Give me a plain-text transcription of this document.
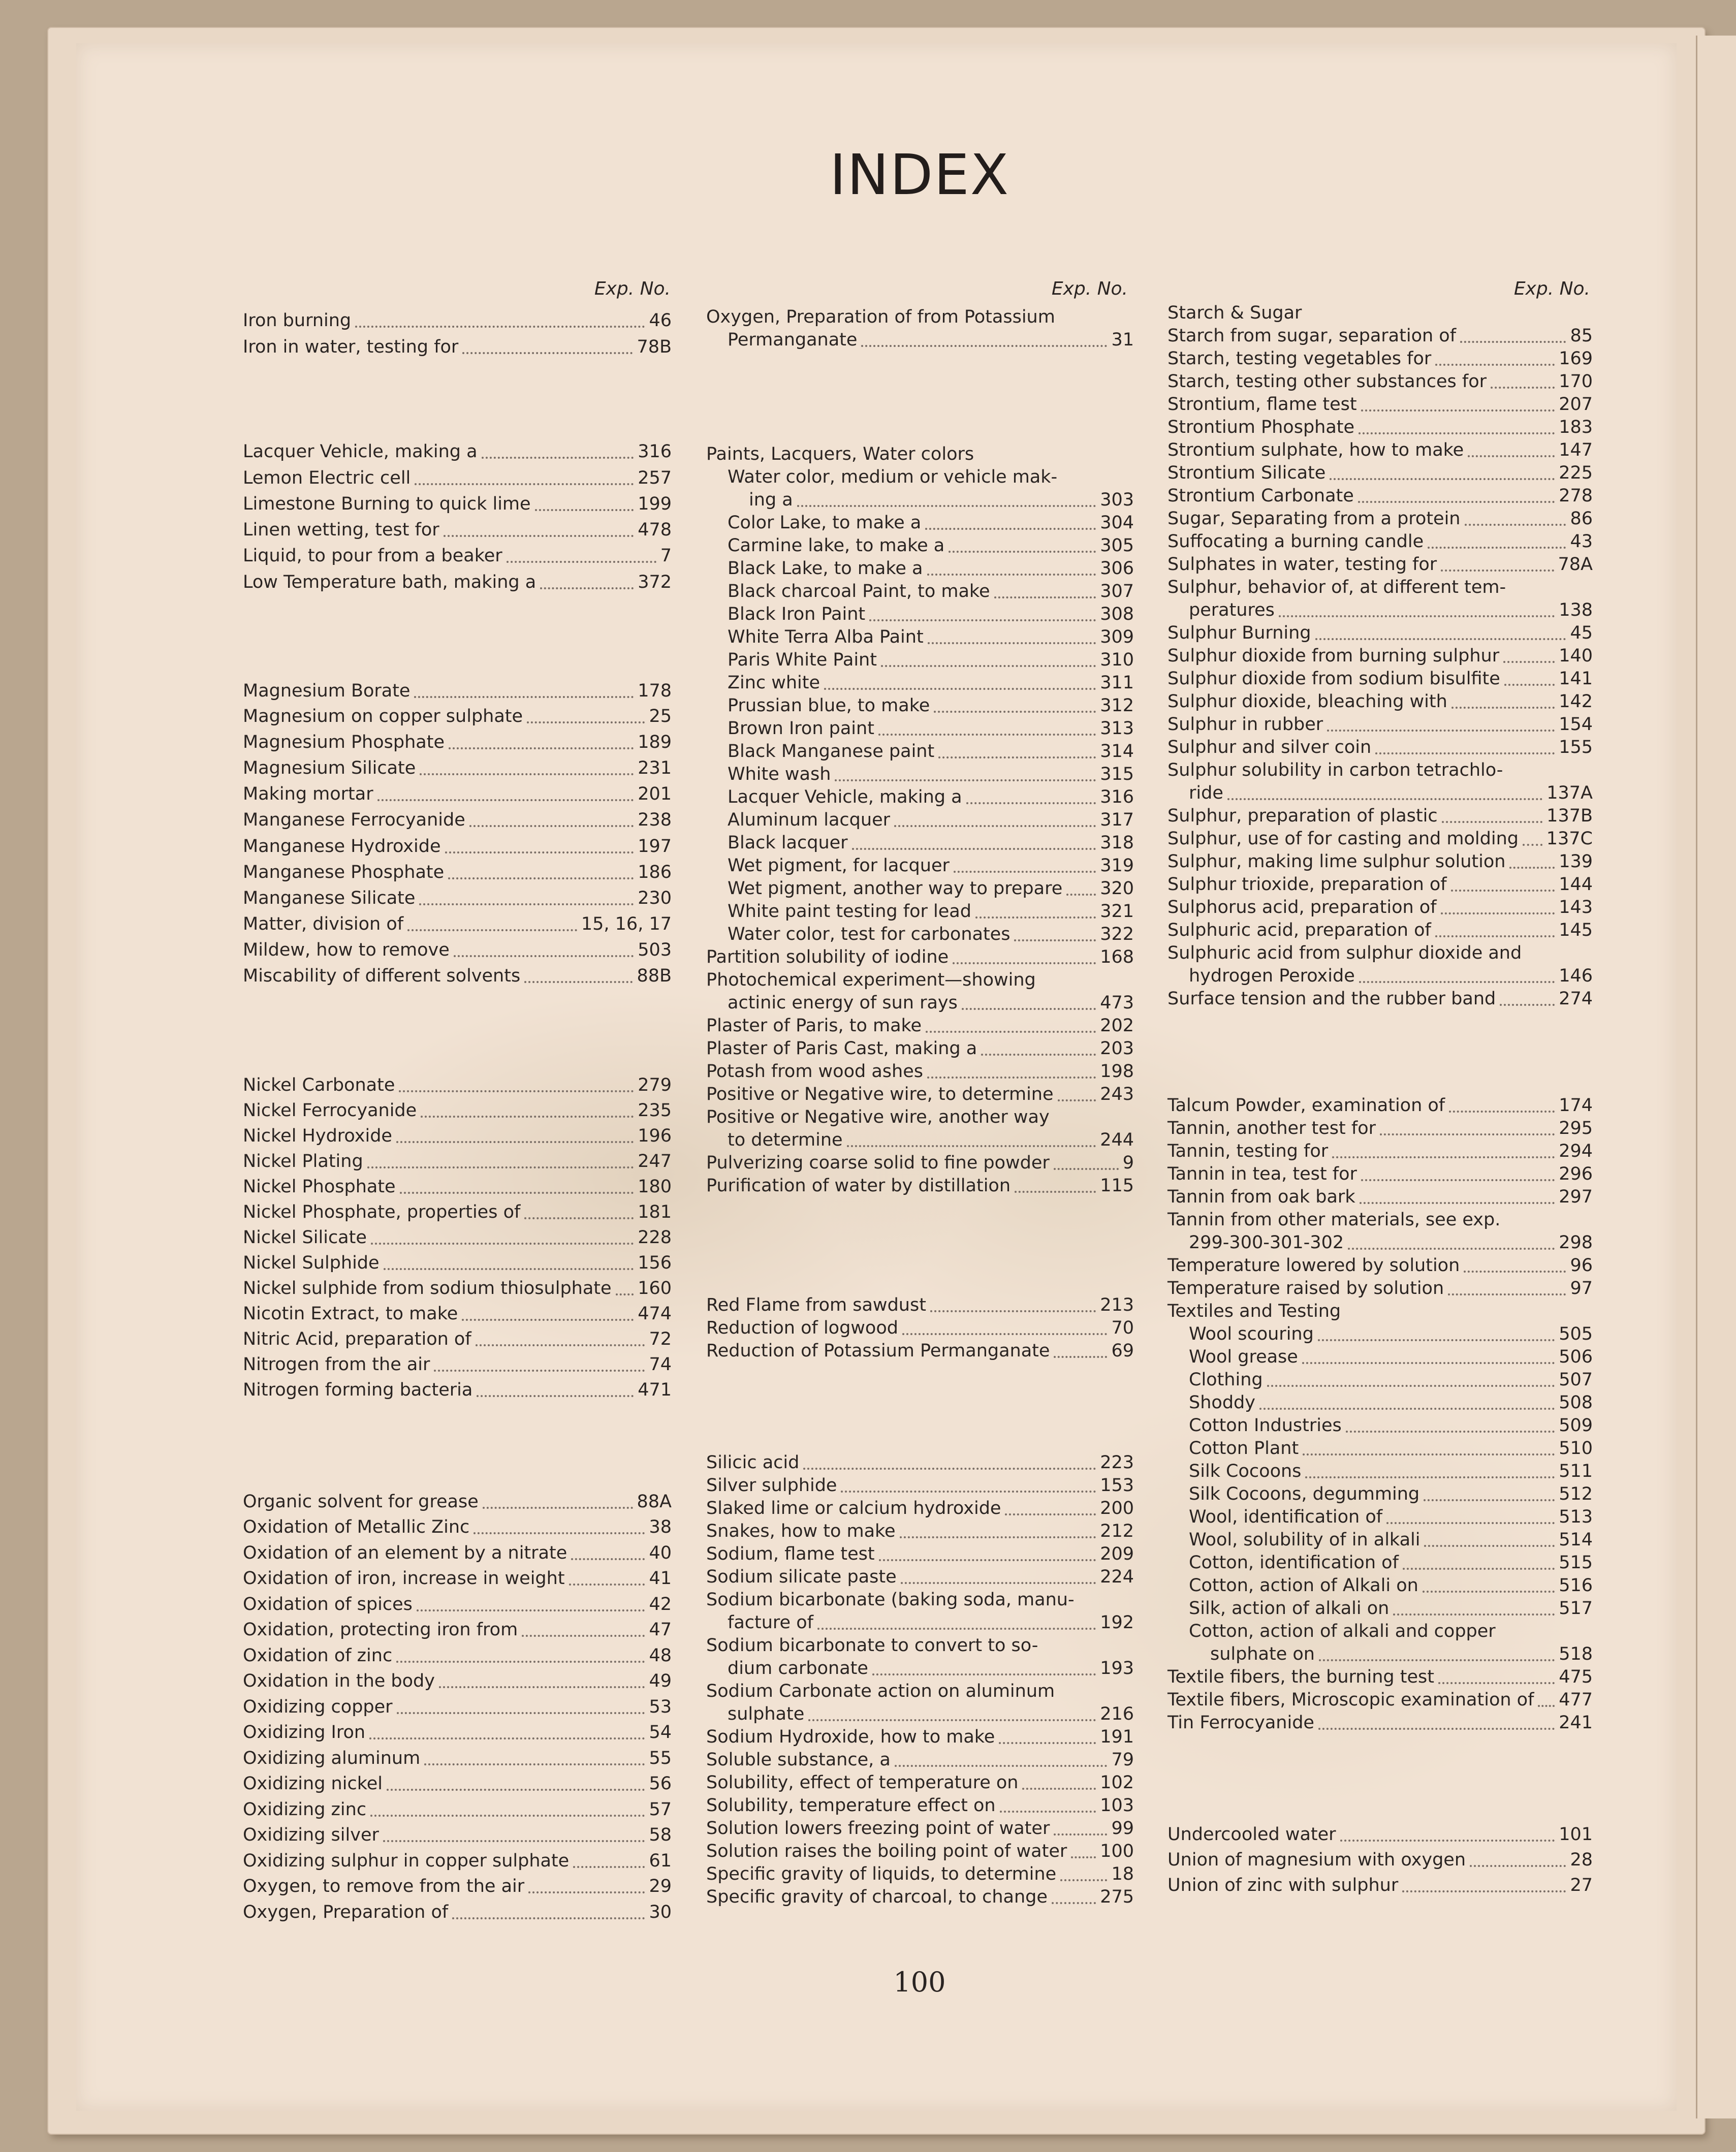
INDEX
Exp. No.	Exp. No.	Exp. No.
Iron burning	46
Iron in water, testing for	78B
Lacquer Vehicle, making a	316
Lemon Electric cell	257
Limestone Burning to quick lime	199
Linen wetting, test for	478
Liquid, to pour from a beaker	7
Low Temperature bath, making a	372
Magnesium Borate	178
Magnesium on copper sulphate	25
Magnesium Phosphate	189
Magnesium Silicate	231
Making mortar	201
Manganese Ferrocyanide	238
Manganese Hydroxide	197
Manganese Phosphate	186
Manganese Silicate	230
Matter, division of	15, 16, 17
Mildew, how to remove	503
Miscability of different solvents	88B
Nickel Carbonate	279
Nickel Ferrocyanide	235
Nickel Hydroxide	196
Nickel Plating	247
Nickel Phosphate	180
Nickel Phosphate, properties of	181
Nickel Silicate	228
Nickel Sulphide	156
Nickel sulphide from sodium thiosulphate 160
Nicotin Extract, to make	474
Nitric Acid, preparation of	72
Nitrogen from the air	74
Nitrogen forming bacteria	471
Organic solvent for grease	88A
Oxidation of Metallic Zinc	38
Oxidation of an element by a nitrate	40
Oxidation of iron, increase in weight	41
Oxidation of spices	42
Oxidation, protecting iron from	47
Oxidation of zinc	48
Oxidation in the body	49
Oxidizing copper	53
Oxidizing Iron	54
Oxidizing aluminum	55
Oxidizing nickel	56
Oxidizing zinc	57
Oxidizing silver	58
Oxidizing sulphur in copper sulphate	61
Oxygen, to remove from the air	29
Oxygen, Preparation of	30
Oxygen, Preparation of from Potassium
Permanganate	31
Paints, Lacquers, Water colors
Water color, medium or vehicle mak-
ing a	303
Color Lake, to make a	304
Carmine lake, to make a	305
Black Lake, to make a	306
Black charcoal Paint, to make	307
Black Iron Paint	308
White Terra Alba Paint	309
Paris White Paint	310
Zinc white	311
Prussian blue, to make	312
Brown Iron paint	313
Black Manganese paint	314
White wash	315
Lacquer Vehicle, making a	316
Aluminum lacquer	317
Black lacquer	318
Wet pigment, for lacquer	319
Wet pigment, another way to prepare 320
White paint testing for lead	321
Water color, test for carbonates	322
Partition solubility of iodine	168
Photochemical experiment—showing
actinic energy of sun rays	473
Plaster of Paris, to make	202
Plaster of Paris Cast, making a	203
Potash from wood ashes	198
Positive or Negative wire, to determine	243
Positive or Negative wire, another way
to determine	244
Pulverizing coarse solid to fine powder	9
Purification of water by distillation	115
Red Flame from sawdust	213
Reduction of logwood	70
Reduction of Potassium Permanganate	69
Silicic acid	223
Silver sulphide	153
Slaked lime or calcium hydroxide	200
Snakes, how to make	212
Sodium, flame test	209
Sodium silicate paste	224
Sodium bicarbonate (baking soda, manu-
facture of	192
Sodium bicarbonate to convert to so-
dium carbonate	193
Sodium Carbonate action on aluminum
sulphate	216
Sodium Hydroxide, how to make	191
Soluble substance, a	79
Solubility, effect of temperature on	102
Solubility, temperature effect on	103
Solution lowers freezing point of water	99
Solution raises the boiling point of water 100
Specific gravity of liquids, to determine	18
Specific gravity of charcoal, to change	275
Starch & Sugar
Starch from sugar, separation of	85
Starch, testing vegetables for	169
Starch, testing other substances for	170
Strontium, flame test	207
Strontium Phosphate	183
Strontium sulphate, how to make	147
Strontium Silicate	225
Strontium Carbonate	278
Sugar, Separating from a protein	86
Suffocating a burning candle	43
Sulphates in water, testing for	78A
Sulphur, behavior of, at different tem-
peratures	138
Sulphur Burning	45
Sulphur dioxide from burning sulphur	140
Sulphur dioxide from sodium bisulfite	141
Sulphur dioxide, bleaching with	142
Sulphur in rubber	154
Sulphur and silver coin	155
Sulphur solubility in carbon tetrachlo-
ride	137A
Sulphur, preparation of plastic	137B
Sulphur, use of for casting and molding 137C
Sulphur, making lime sulphur solution	139
Sulphur trioxide, preparation of	144
Sulphorus acid, preparation of	143
Sulphuric acid, preparation of	145
Sulphuric acid from sulphur dioxide and
hydrogen Peroxide	146
Surface tension and the rubber band	274
Talcum Powder, examination of	174
Tannin, another test for	295
Tannin, testing for	294
Tannin in tea, test for	296
Tannin from oak bark	297
Tannin from other materials, see exp.
299-300-301-302	298
Temperature lowered by solution	96
Temperature raised by solution	97
Textiles and Testing
Wool scouring	505
Wool grease	506
Clothing	507
Shoddy	508
Cotton Industries	509
Cotton Plant	510
Silk Cocoons	511
Silk Cocoons, degumming	512
Wool, identification of	513
Wool, solubility of in alkali	514
Cotton, identification of	515
Cotton, action of Alkali on	516
Silk, action of alkali on	517
Cotton, action of alkali and copper
sulphate on	518
Textile fibers, the burning test	475
Textile fibers, Microscopic examination of 477
Tin Ferrocyanide	241
Undercooled water	101
Union of magnesium with oxygen	28
Union of zinc with sulphur	27
100
